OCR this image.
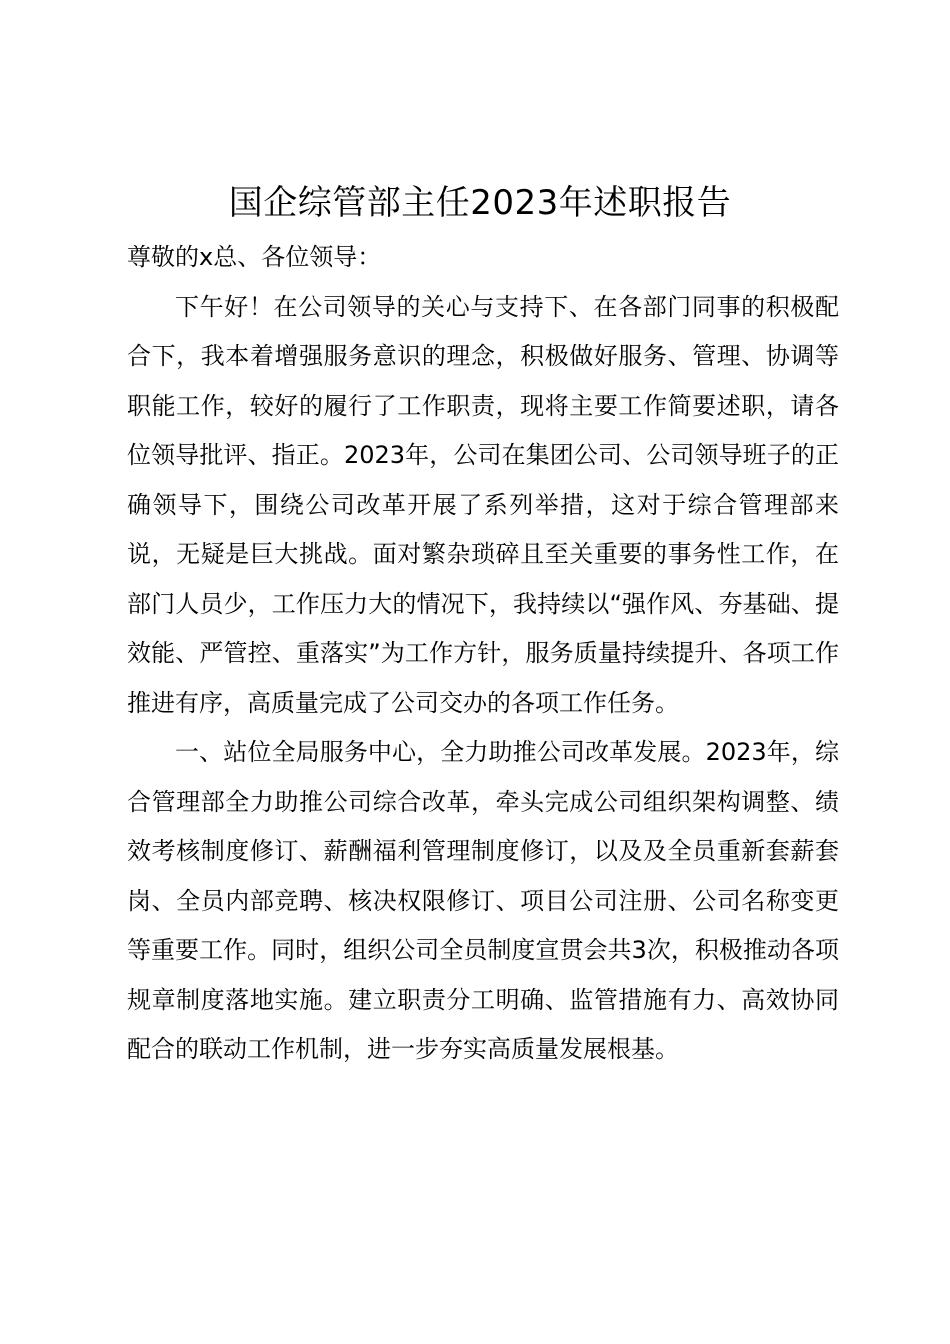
国企综管部主任2023年述职报告

尊敬的x总、各位领导：

下午好！在公司领导的关心与支持下、在各部门同事的积极配合下，我本着增强服务意识的理念，积极做好服务、管理、协调等职能工作，较好的履行了工作职责，现将主要工作简要述职，请各位领导批评、指正。2023年，公司在集团公司、公司领导班子的正确领导下，围绕公司改革开展了系列举措，这对于综合管理部来说，无疑是巨大挑战。面对繁杂琐碎且至关重要的事务性工作，在部门人员少，工作压力大的情况下，我持续以“强作风、夯基础、提效能、严管控、重落实”为工作方针，服务质量持续提升、各项工作推进有序，高质量完成了公司交办的各项工作任务。

一、站位全局服务中心，全力助推公司改革发展。2023年，综合管理部全力助推公司综合改革，牵头完成公司组织架构调整、绩效考核制度修订、薪酬福利管理制度修订，以及及全员重新套薪套岗、全员内部竞聘、核决权限修订、项目公司注册、公司名称变更等重要工作。同时，组织公司全员制度宣贯会共3次，积极推动各项规章制度落地实施。建立职责分工明确、监管措施有力、高效协同配合的联动工作机制，进一步夯实高质量发展根基。
